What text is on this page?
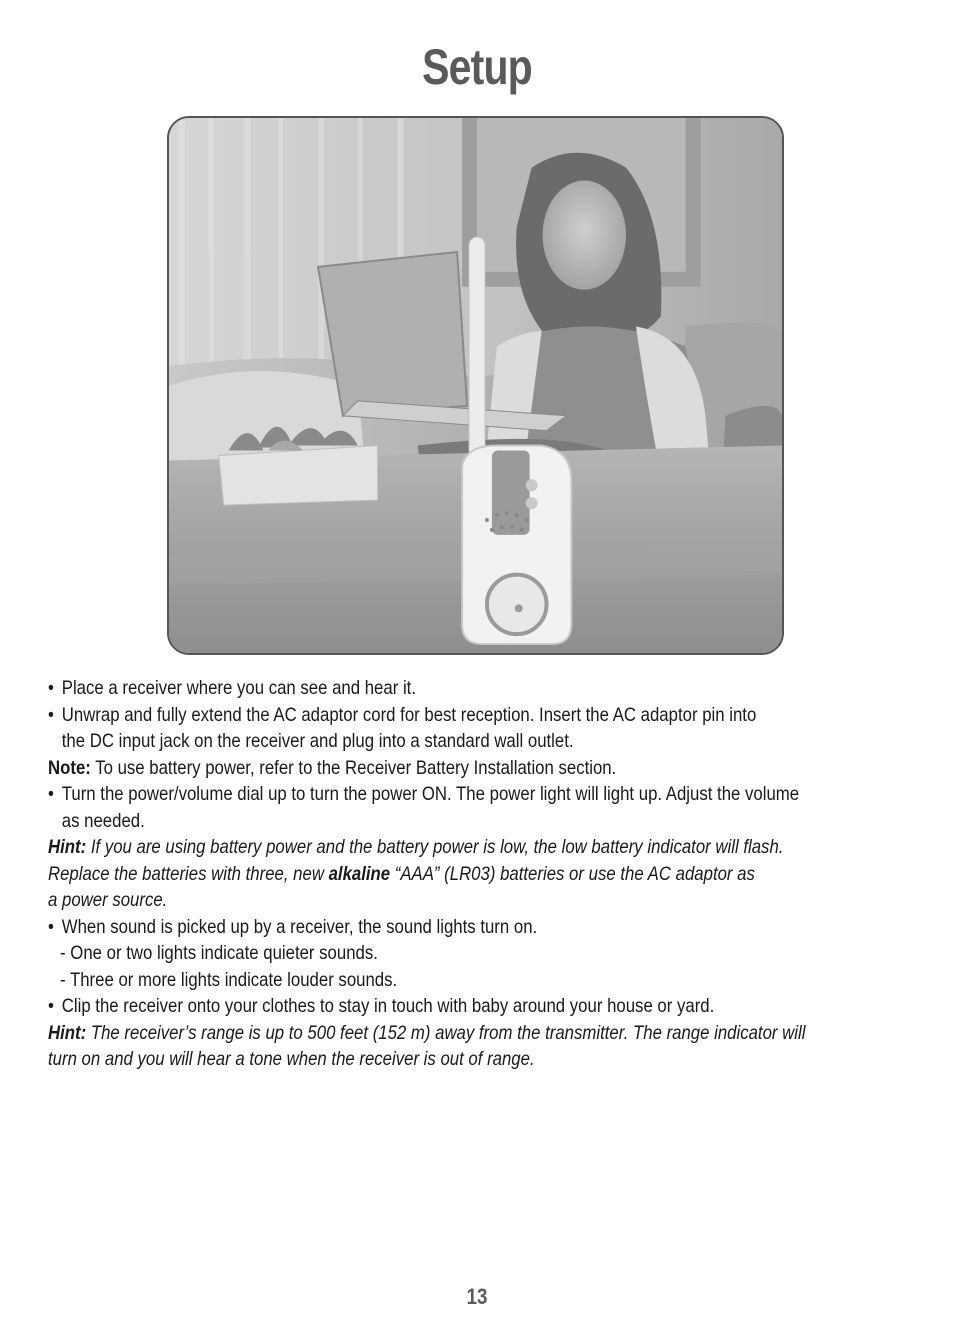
Setup

• Place a receiver where you can see and hear it.

• Unwrap and fully extend the AC adaptor cord for best reception. Insert the AC adaptor pin into

the DC input jack on the receiver and plug into a standard wall outlet.

Note: To use battery power, refer to the Receiver Battery Installation section.

• Turn the power/volume dial up to turn the power ON. The power light will light up. Adjust the volume

as needed.

Hint: If you are using battery power and the battery power is low, the low battery indicator will flash.

Replace the batteries with three, new alkaline “AAA” (LR03) batteries or use the AC adaptor as

a power source.

• When sound is picked up by a receiver, the sound lights turn on.

- One or two lights indicate quieter sounds.

- Three or more lights indicate louder sounds.

• Clip the receiver onto your clothes to stay in touch with baby around your house or yard.

Hint: The receiver’s range is up to 500 feet (152 m) away from the transmitter. The range indicator will

turn on and you will hear a tone when the receiver is out of range.

13
